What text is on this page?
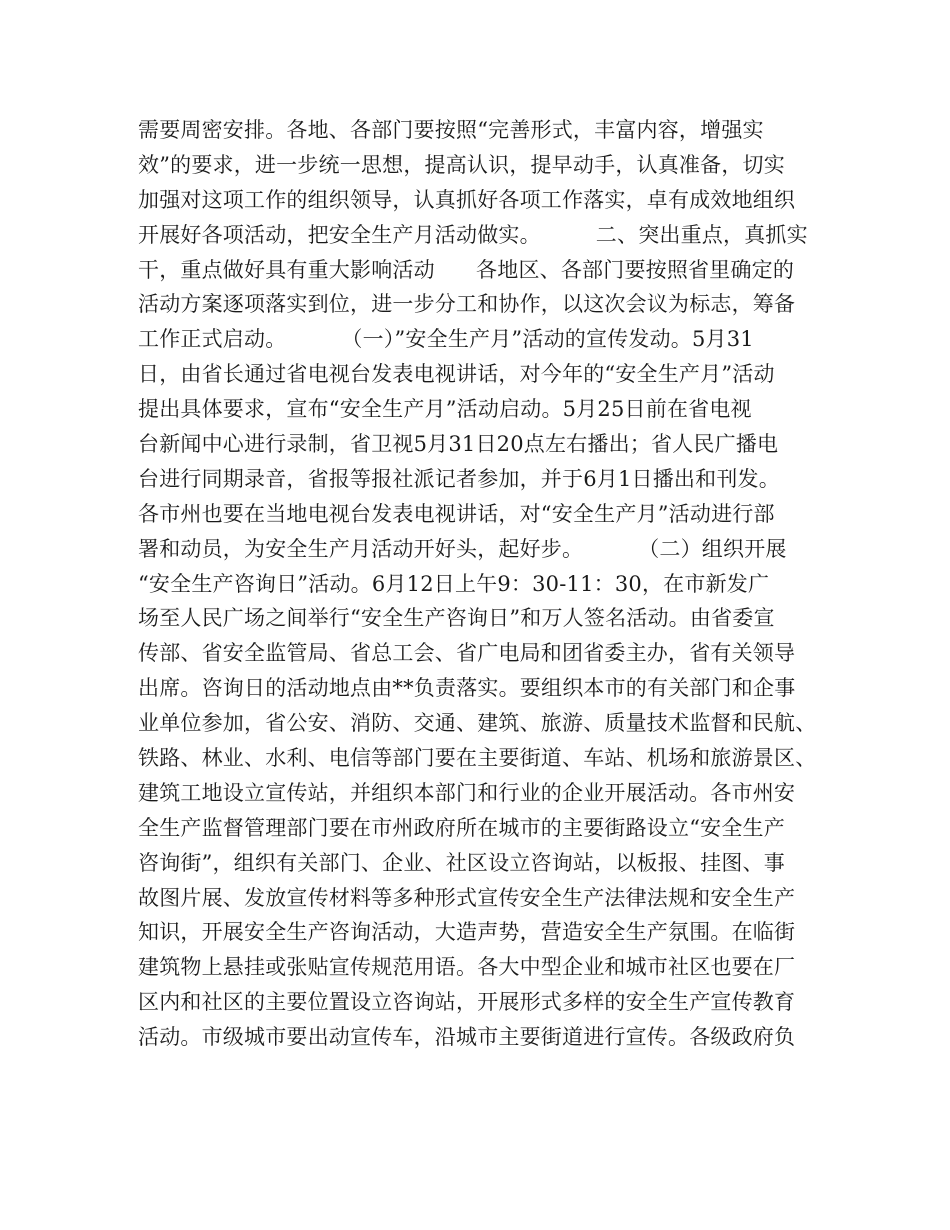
需要周密安排。各地、各部门要按照“完善形式，丰富内容，增强实
效”的要求，进一步统一思想，提高认识，提早动手，认真准备，切实
加强对这项工作的组织领导，认真抓好各项工作落实，卓有成效地组织
开展好各项活动，把安全生产月活动做实。        二、突出重点，真抓实
干，重点做好具有重大影响活动      各地区、各部门要按照省里确定的
活动方案逐项落实到位，进一步分工和协作，以这次会议为标志，筹备
工作正式启动。        （一）”安全生产月”活动的宣传发动。5月31
日，由省长通过省电视台发表电视讲话，对今年的“安全生产月”活动
提出具体要求，宣布“安全生产月”活动启动。5月25日前在省电视
台新闻中心进行录制，省卫视5月31日20点左右播出；省人民广播电
台进行同期录音，省报等报社派记者参加，并于6月1日播出和刊发。
各市州也要在当地电视台发表电视讲话，对“安全生产月”活动进行部
署和动员，为安全生产月活动开好头，起好步。        （二）组织开展
“安全生产咨询日”活动。6月12日上午9：30-11：30，在市新发广
场至人民广场之间举行“安全生产咨询日”和万人签名活动。由省委宣
传部、省安全监管局、省总工会、省广电局和团省委主办，省有关领导
出席。咨询日的活动地点由**负责落实。要组织本市的有关部门和企事
业单位参加，省公安、消防、交通、建筑、旅游、质量技术监督和民航、
铁路、林业、水利、电信等部门要在主要街道、车站、机场和旅游景区、
建筑工地设立宣传站，并组织本部门和行业的企业开展活动。各市州安
全生产监督管理部门要在市州政府所在城市的主要街路设立“安全生产
咨询街”，组织有关部门、企业、社区设立咨询站，以板报、挂图、事
故图片展、发放宣传材料等多种形式宣传安全生产法律法规和安全生产
知识，开展安全生产咨询活动，大造声势，营造安全生产氛围。在临街
建筑物上悬挂或张贴宣传规范用语。各大中型企业和城市社区也要在厂
区内和社区的主要位置设立咨询站，开展形式多样的安全生产宣传教育
活动。市级城市要出动宣传车，沿城市主要街道进行宣传。各级政府负
